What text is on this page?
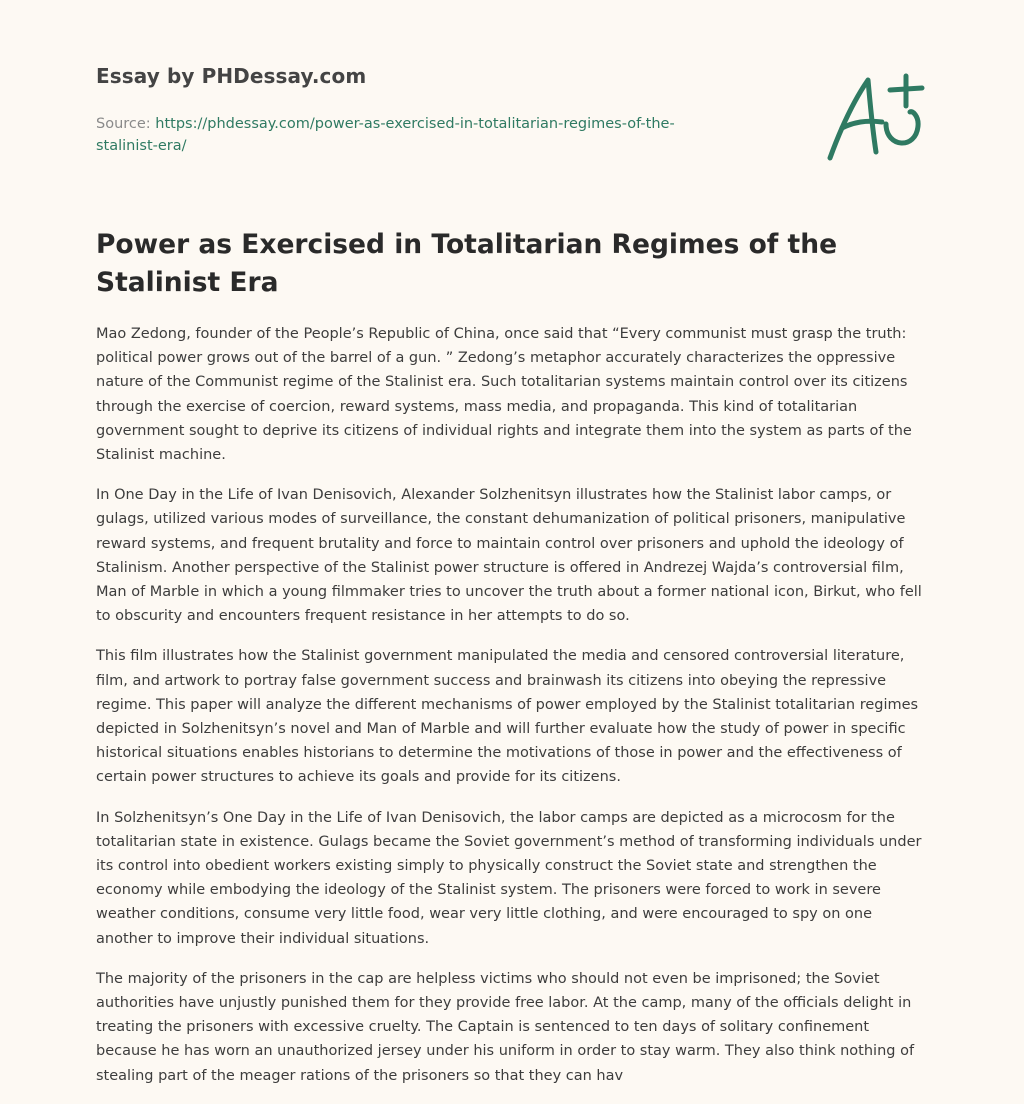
Essay by PHDessay.com
Source: https://phdessay.com/power-as-exercised-in-totalitarian-regimes-of-the-stalinist-era/
Power as Exercised in Totalitarian Regimes of the Stalinist Era

Mao Zedong, founder of the People’s Republic of China, once said that “Every communist must grasp the truth: political power grows out of the barrel of a gun. ” Zedong’s metaphor accurately characterizes the oppressive nature of the Communist regime of the Stalinist era. Such totalitarian systems maintain control over its citizens through the exercise of coercion, reward systems, mass media, and propaganda. This kind of totalitarian government sought to deprive its citizens of individual rights and integrate them into the system as parts of the Stalinist machine.

In One Day in the Life of Ivan Denisovich, Alexander Solzhenitsyn illustrates how the Stalinist labor camps, or gulags, utilized various modes of surveillance, the constant dehumanization of political prisoners, manipulative reward systems, and frequent brutality and force to maintain control over prisoners and uphold the ideology of Stalinism. Another perspective of the Stalinist power structure is offered in Andrezej Wajda’s controversial film, Man of Marble in which a young filmmaker tries to uncover the truth about a former national icon, Birkut, who fell to obscurity and encounters frequent resistance in her attempts to do so.

This film illustrates how the Stalinist government manipulated the media and censored controversial literature, film, and artwork to portray false government success and brainwash its citizens into obeying the repressive regime. This paper will analyze the different mechanisms of power employed by the Stalinist totalitarian regimes depicted in Solzhenitsyn’s novel and Man of Marble and will further evaluate how the study of power in specific historical situations enables historians to determine the motivations of those in power and the effectiveness of certain power structures to achieve its goals and provide for its citizens.

In Solzhenitsyn’s One Day in the Life of Ivan Denisovich, the labor camps are depicted as a microcosm for the totalitarian state in existence. Gulags became the Soviet government’s method of transforming individuals under its control into obedient workers existing simply to physically construct the Soviet state and strengthen the economy while embodying the ideology of the Stalinist system. The prisoners were forced to work in severe weather conditions, consume very little food, wear very little clothing, and were encouraged to spy on one another to improve their individual situations.

The majority of the prisoners in the cap are helpless victims who should not even be imprisoned; the Soviet authorities have unjustly punished them for they provide free labor. At the camp, many of the officials delight in treating the prisoners with excessive cruelty. The Captain is sentenced to ten days of solitary confinement because he has worn an unauthorized jersey under his uniform in order to stay warm. They also think nothing of stealing part of the meager rations of the prisoners so that they can hav
